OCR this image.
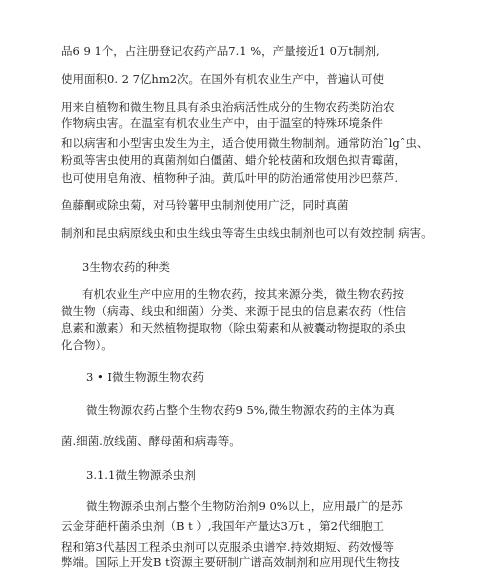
品6 9 1个，占注册登记农药产品7.1 %，产量接近1 0万t制剂,
使用面积0. 2 7亿hm2次。在国外有机农业生产中，普遍认可使
用来自植物和微生物且具有杀虫治病活性成分的生物农药类防治农
作物病虫害。在温室有机农业生产中，由于温室的特殊环境条件
和以病害和小型害虫发生为主，适合使用微生物制剂。通常防治ˆlgˆ虫、
粉虱等害虫使用的真菌剂如白僵菌、蜡介轮枝菌和玫烟色拟青霉菌，
也可使用皂角液、植物种子油。黄瓜叶甲的防治通常使用沙巴蔡芦.
鱼藤酮或除虫菊，对马铃薯甲虫制剂使用广泛，同时真菌
制剂和昆虫病原线虫和虫生线虫等寄生虫线虫制剂也可以有效控制 病害。
3生物农药的种类
有机农业生产中应用的生物农药，按其来源分类，微生物农药按
微生物（病毒、线虫和细菌）分类、来源于昆虫的信息素农药（性信
息素和激素）和天然植物提取物（除虫菊素和从被囊动物提取的杀虫
化合物）。
3 • I微生物源生物农药
微生物源农药占整个生物农药9 5%,微生物源农药的主体为真
菌.细菌.放线菌、酵母菌和病毒等。
3.1.1微生物源杀虫剂
微生物源杀虫剂占整个生物防治剂9 0%以上，应用最广的是苏
云金芽葩杆菌杀虫剂（B t ）,我国年产量达3万t ，第2代细胞工
程和第3代基因工程杀虫剂可以克服杀虫谱窄.持效期短、药效慢等
弊端。国际上开发B t资源主要研制广谱高效制剂和应用现代生物技
